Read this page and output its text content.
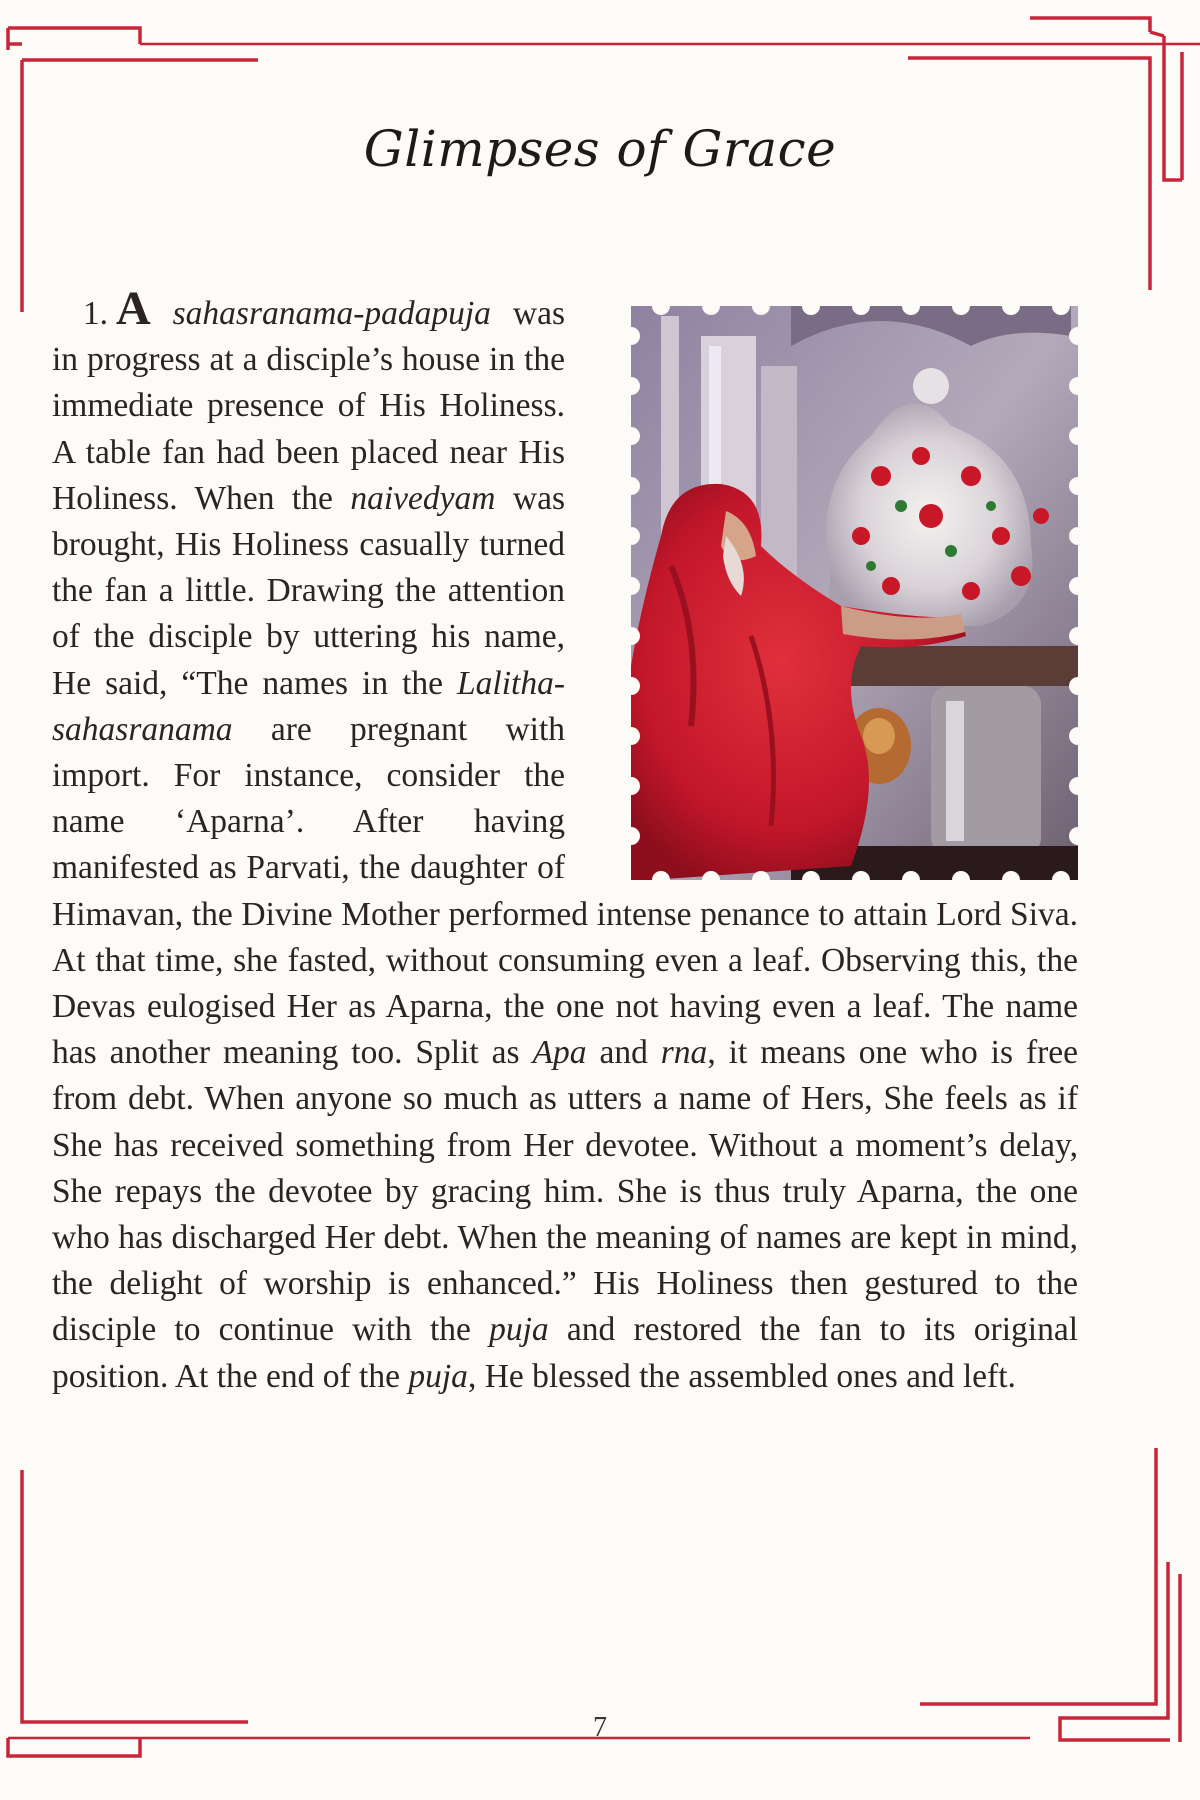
Glimpses of Grace
1. A sahasranama-padapuja was in progress at a disciple’s house in the immediate presence of His Holiness. A table fan had been placed near His Holiness. When the naivedyam was brought, His Holiness casually turned the fan a little. Drawing the attention of the disciple by uttering his name, He said, “The names in the Lalitha-sahasranama are pregnant with import. For instance, consider the name ‘Aparna’. After having manifested as Parvati, the daughter of Himavan, the Divine Mother performed intense penance to attain Lord Siva. At that time, she fasted, without consuming even a leaf. Observing this, the Devas eulogised Her as Aparna, the one not having even a leaf. The name has another meaning too. Split as Apa and rna, it means one who is free from debt. When anyone so much as utters a name of Hers, She feels as if She has received something from Her devotee. Without a moment’s delay, She repays the devotee by gracing him. She is thus truly Aparna, the one who has discharged Her debt. When the meaning of names are kept in mind, the delight of worship is enhanced.” His Holiness then gestured to the disciple to continue with the puja and restored the fan to its original position. At the end of the puja, He blessed the assembled ones and left.
7
